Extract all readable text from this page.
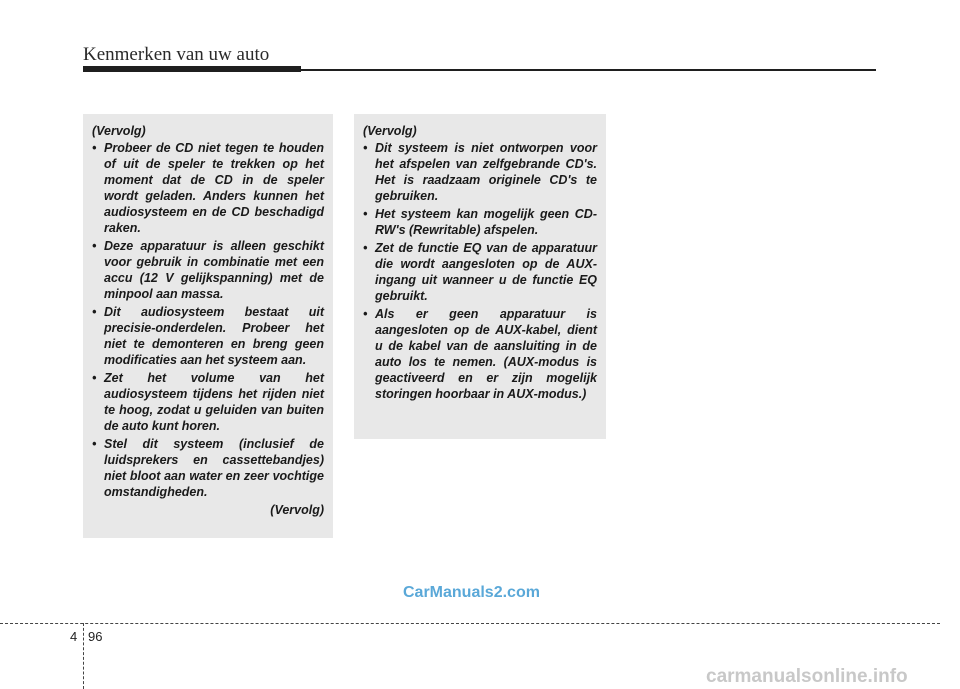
Kenmerken van uw auto
(Vervolg)
• Probeer de CD niet tegen te houden of uit de speler te trekken op het moment dat de CD in de speler wordt geladen. Anders kunnen het audiosysteem en de CD beschadigd raken.
• Deze apparatuur is alleen geschikt voor gebruik in combinatie met een accu (12 V gelijkspanning) met de minpool aan massa.
• Dit audiosysteem bestaat uit precisie-onderdelen. Probeer het niet te demonteren en breng geen modificaties aan het systeem aan.
• Zet het volume van het audiosysteem tijdens het rijden niet te hoog, zodat u geluiden van buiten de auto kunt horen.
• Stel dit systeem (inclusief de luidsprekers en cassettebandjes) niet bloot aan water en zeer vochtige omstandigheden.
(Vervolg)
(Vervolg)
• Dit systeem is niet ontworpen voor het afspelen van zelfgebrande CD's. Het is raadzaam originele CD's te gebruiken.
• Het systeem kan mogelijk geen CD-RW's (Rewritable) afspelen.
• Zet de functie EQ van de apparatuur die wordt aangesloten op de AUX-ingang uit wanneer u de functie EQ gebruikt.
• Als er geen apparatuur is aangesloten op de AUX-kabel, dient u de kabel van de aansluiting in de auto los te nemen. (AUX-modus is geactiveerd en er zijn mogelijk storingen hoorbaar in AUX-modus.)
CarManuals2.com
4 96
carmanualsonline.info
